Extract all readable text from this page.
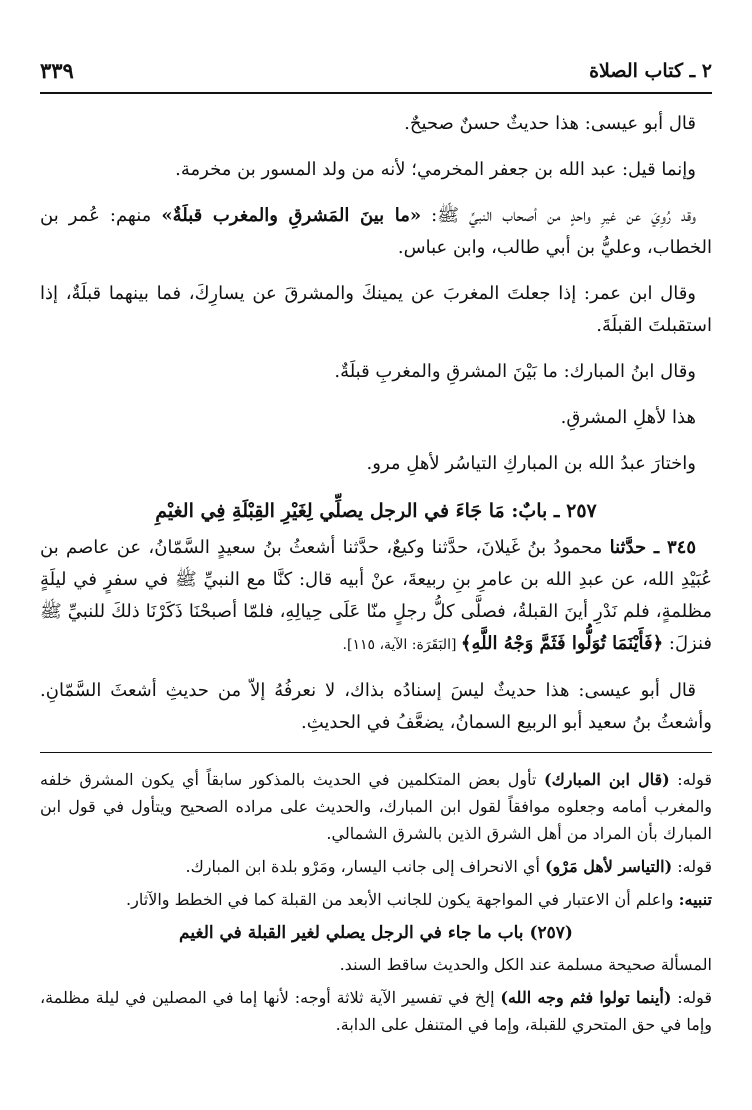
٢ ـ كتاب الصلاة
٣٣٩

قال أبو عيسى: هذا حديثٌ حسنٌ صحيحٌ.

وإنما قيل: عبد الله بن جعفر المخرمي؛ لأنه من ولد المسور بن مخرمة.

وقد رُوِيَ عن غيرِ واحدٍ من أصحاب النبيِّ ﷺ: «ما بينَ المَشرقِ والمغرب قبلَةٌ» منهم: عُمر بن الخطاب، وعليُّ بن أبي طالب، وابن عباس.

وقال ابن عمر: إذا جعلتَ المغربَ عن يمينكَ والمشرقَ عن يسارِكَ، فما بينهما قبلَةٌ، إذا استقبلتَ القبلَةَ.

وقال ابنُ المبارك: ما بَيْنَ المشرقِ والمغربِ قبلَةٌ.

هذا لأهلِ المشرقِ.

واختارَ عبدُ الله بن المباركِ التياسُر لأهلِ مرو.

٢٥٧ ـ بابٌ: مَا جَاءَ في الرجل يصلِّي لِغَيْرِ القِبْلَةِ فِي الغيْمِ

٣٤٥ ـ حدَّثنا محمودُ بنُ غَيلانَ، حدَّثنا وكيعٌ، حدَّثنا أشعثُ بنُ سعيدٍ السَّمّانُ، عن عاصم بن عُبَيْدِ الله، عن عبدِ الله بن عامرِ بنِ ربيعةَ، عنْ أبيه قال: كنَّا مع النبيِّ ﷺ في سفرٍ في ليلَةٍ مظلمةٍ، فلم نَدْرِ أينَ القبلةُ، فصلَّى كلُّ رجلٍ منّا عَلَى حِيالِهِ، فلمّا أصبحْنَا ذَكَرْنَا ذلكَ للنبيِّ ﷺ فنزلَ: ﴿فَأَيْنَمَا تُوَلُّوا فَثَمَّ وَجْهُ اللَّهِ﴾ [البَقَرَة: الآية، ١١٥].

قال أبو عيسى: هذا حديثٌ ليسَ إسنادُه بذاك، لا نعرفُهُ إلاّ من حديثِ أشعثَ السَّمّانِ. وأشعثُ بنُ سعيد أبو الربيع السمانُ، يضعَّفُ في الحديثِ.

قوله: (قال ابن المبارك) تأول بعض المتكلمين في الحديث بالمذكور سابقاً أي يكون المشرق خلفه والمغرب أمامه وجعلوه موافقاً لقول ابن المبارك، والحديث على مراده الصحيح ويتأول في قول ابن المبارك بأن المراد من أهل الشرق الذين بالشرق الشمالي.

قوله: (التياسر لأهل مَرْو) أي الانحراف إلى جانب اليسار، ومَرْو بلدة ابن المبارك.

تنبيه: واعلم أن الاعتبار في المواجهة يكون للجانب الأبعد من القبلة كما في الخطط والآثار.

(٢٥٧) باب ما جاء في الرجل يصلي لغير القبلة في الغيم

المسألة صحيحة مسلمة عند الكل والحديث ساقط السند.

قوله: (أينما تولوا فثم وجه الله) إلخ في تفسير الآية ثلاثة أوجه: لأنها إما في المصلين في ليلة مظلمة، وإما في حق المتحري للقبلة، وإما في المتنفل على الدابة.
